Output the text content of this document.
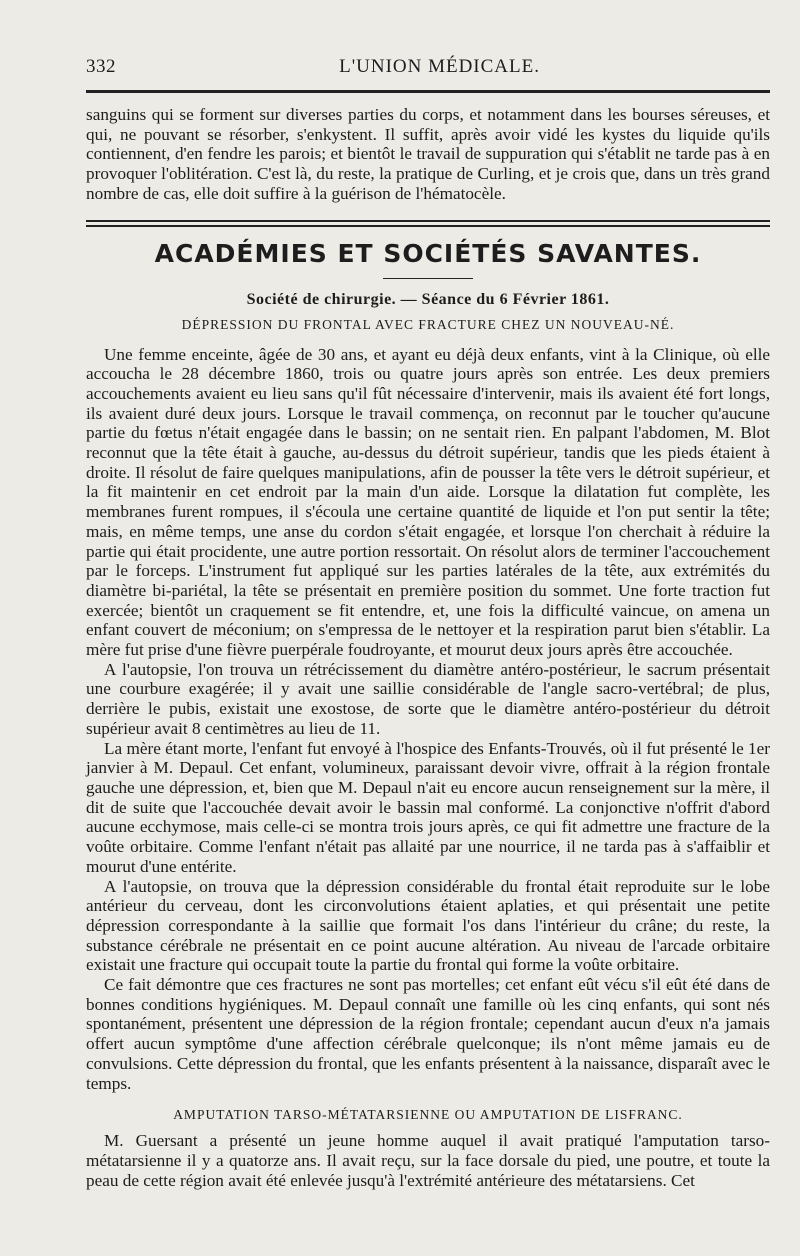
332	L'UNION MÉDICALE.

sanguins qui se forment sur diverses parties du corps, et notamment dans les bourses séreuses, et qui, ne pouvant se résorber, s'enkystent. Il suffit, après avoir vidé les kystes du liquide qu'ils contiennent, d'en fendre les parois; et bientôt le travail de suppuration qui s'établit ne tarde pas à en provoquer l'oblitération. C'est là, du reste, la pratique de Curling, et je crois que, dans un très grand nombre de cas, elle doit suffire à la guérison de l'hématocèle.

ACADÉMIES ET SOCIÉTÉS SAVANTES.
Société de chirurgie. — Séance du 6 Février 1861.
DÉPRESSION DU FRONTAL AVEC FRACTURE CHEZ UN NOUVEAU-NÉ.

Une femme enceinte, âgée de 30 ans, et ayant eu déjà deux enfants, vint à la Clinique, où elle accoucha le 28 décembre 1860, trois ou quatre jours après son entrée. Les deux premiers accouchements avaient eu lieu sans qu'il fût nécessaire d'intervenir, mais ils avaient été fort longs, ils avaient duré deux jours. Lorsque le travail commença, on reconnut par le toucher qu'aucune partie du fœtus n'était engagée dans le bassin; on ne sentait rien. En palpant l'abdomen, M. Blot reconnut que la tête était à gauche, au-dessus du détroit supérieur, tandis que les pieds étaient à droite. Il résolut de faire quelques manipulations, afin de pousser la tête vers le détroit supérieur, et la fit maintenir en cet endroit par la main d'un aide. Lorsque la dilatation fut complète, les membranes furent rompues, il s'écoula une certaine quantité de liquide et l'on put sentir la tête; mais, en même temps, une anse du cordon s'était engagée, et lorsque l'on cherchait à réduire la partie qui était procidente, une autre portion ressortait. On résolut alors de terminer l'accouchement par le forceps. L'instrument fut appliqué sur les parties latérales de la tête, aux extrémités du diamètre bi-pariétal, la tête se présentait en première position du sommet. Une forte traction fut exercée; bientôt un craquement se fit entendre, et, une fois la difficulté vaincue, on amena un enfant couvert de méconium; on s'empressa de le nettoyer et la respiration parut bien s'établir. La mère fut prise d'une fièvre puerpérale foudroyante, et mourut deux jours après être accouchée.

A l'autopsie, l'on trouva un rétrécissement du diamètre antéro-postérieur, le sacrum présentait une courbure exagérée; il y avait une saillie considérable de l'angle sacro-vertébral; de plus, derrière le pubis, existait une exostose, de sorte que le diamètre antéro-postérieur du détroit supérieur avait 8 centimètres au lieu de 11.

La mère étant morte, l'enfant fut envoyé à l'hospice des Enfants-Trouvés, où il fut présenté le 1er janvier à M. Depaul. Cet enfant, volumineux, paraissant devoir vivre, offrait à la région frontale gauche une dépression, et, bien que M. Depaul n'ait eu encore aucun renseignement sur la mère, il dit de suite que l'accouchée devait avoir le bassin mal conformé. La conjonctive n'offrit d'abord aucune ecchymose, mais celle-ci se montra trois jours après, ce qui fit admettre une fracture de la voûte orbitaire. Comme l'enfant n'était pas allaité par une nourrice, il ne tarda pas à s'affaiblir et mourut d'une entérite.

A l'autopsie, on trouva que la dépression considérable du frontal était reproduite sur le lobe antérieur du cerveau, dont les circonvolutions étaient aplaties, et qui présentait une petite dépression correspondante à la saillie que formait l'os dans l'intérieur du crâne; du reste, la substance cérébrale ne présentait en ce point aucune altération. Au niveau de l'arcade orbitaire existait une fracture qui occupait toute la partie du frontal qui forme la voûte orbitaire.

Ce fait démontre que ces fractures ne sont pas mortelles; cet enfant eût vécu s'il eût été dans de bonnes conditions hygiéniques. M. Depaul connaît une famille où les cinq enfants, qui sont nés spontanément, présentent une dépression de la région frontale; cependant aucun d'eux n'a jamais offert aucun symptôme d'une affection cérébrale quelconque; ils n'ont même jamais eu de convulsions. Cette dépression du frontal, que les enfants présentent à la naissance, disparaît avec le temps.

AMPUTATION TARSO-MÉTATARSIENNE OU AMPUTATION DE LISFRANC.

M. Guersant a présenté un jeune homme auquel il avait pratiqué l'amputation tarso-métatarsienne il y a quatorze ans. Il avait reçu, sur la face dorsale du pied, une poutre, et toute la peau de cette région avait été enlevée jusqu'à l'extrémité antérieure des métatarsiens. Cet
